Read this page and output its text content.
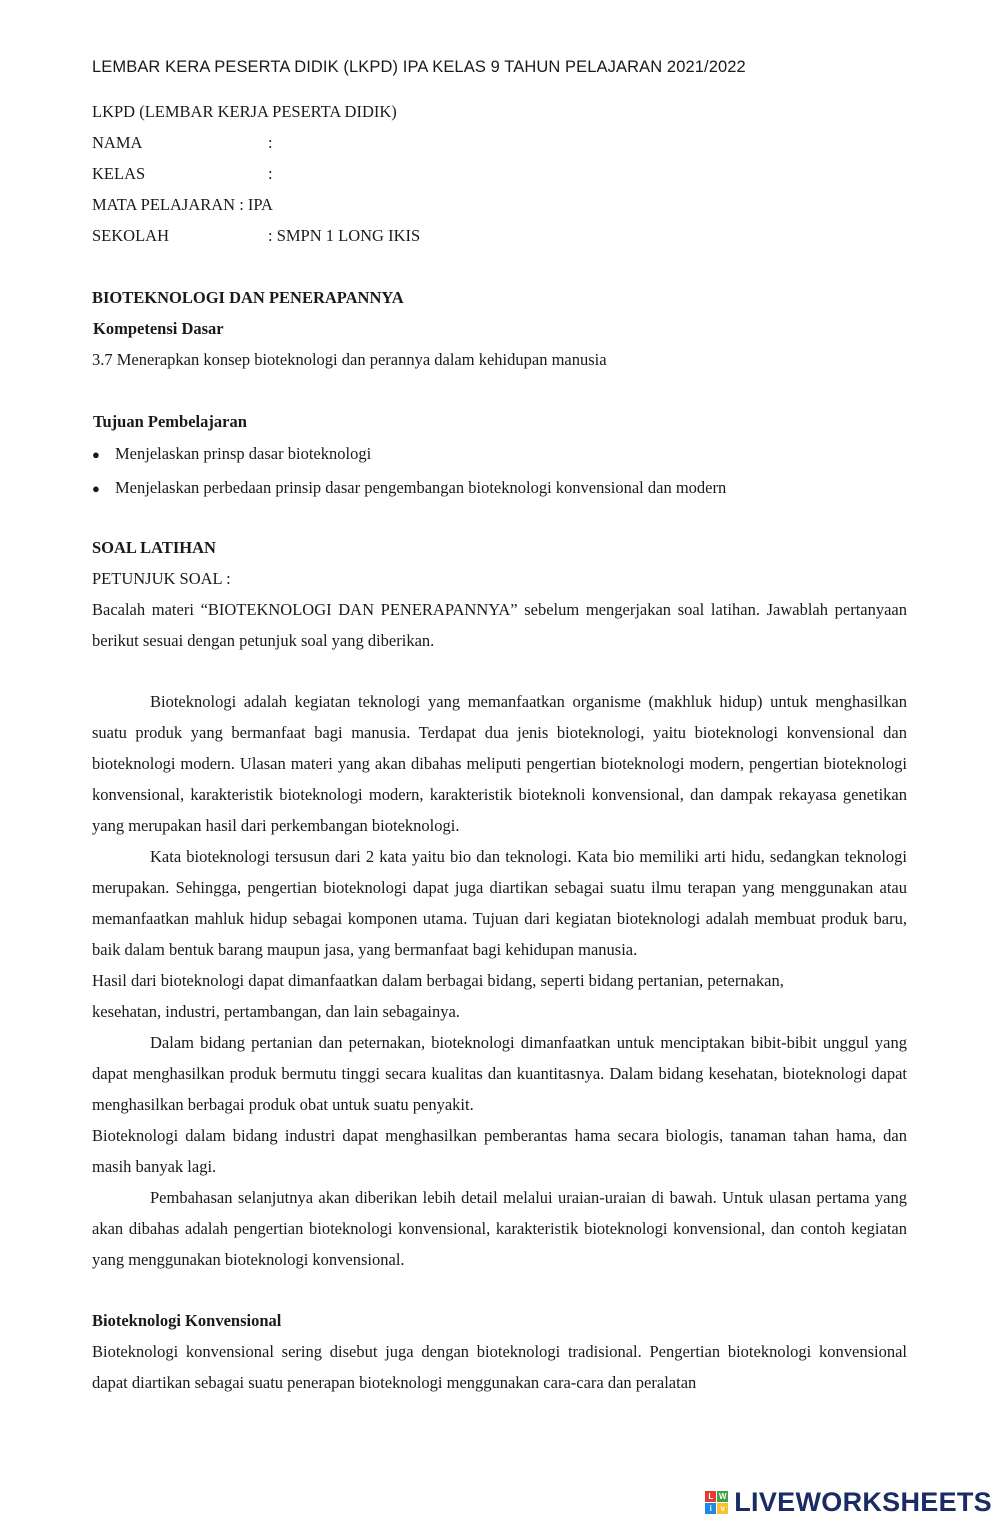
LEMBAR KERA PESERTA DIDIK (LKPD) IPA KELAS 9 TAHUN PELAJARAN 2021/2022
LKPD (LEMBAR KERJA PESERTA DIDIK)
NAMA	:
KELAS	:
MATA PELAJARAN : IPA
SEKOLAH	: SMPN 1 LONG IKIS
BIOTEKNOLOGI DAN PENERAPANNYA
Kompetensi Dasar
3.7 Menerapkan konsep bioteknologi dan perannya dalam kehidupan manusia
Tujuan Pembelajaran
● Menjelaskan prinsp dasar bioteknologi
● Menjelaskan perbedaan prinsip dasar pengembangan bioteknologi konvensional dan modern
SOAL LATIHAN
PETUNJUK SOAL :

Bacalah materi “BIOTEKNOLOGI DAN PENERAPANNYA” sebelum mengerjakan soal latihan. Jawablah pertanyaan berikut sesuai dengan petunjuk soal yang diberikan.

Bioteknologi adalah kegiatan teknologi yang memanfaatkan organisme (makhluk hidup) untuk menghasilkan suatu produk yang bermanfaat bagi manusia. Terdapat dua jenis bioteknologi, yaitu bioteknologi konvensional dan bioteknologi modern. Ulasan materi yang akan dibahas meliputi pengertian bioteknologi modern, pengertian bioteknologi konvensional, karakteristik bioteknologi modern, karakteristik bioteknoli konvensional, dan dampak rekayasa genetikan yang merupakan hasil dari perkembangan bioteknologi.

Kata bioteknologi tersusun dari 2 kata yaitu bio dan teknologi. Kata bio memiliki arti hidu, sedangkan teknologi merupakan. Sehingga, pengertian bioteknologi dapat juga diartikan sebagai suatu ilmu terapan yang menggunakan atau memanfaatkan mahluk hidup sebagai komponen utama. Tujuan dari kegiatan bioteknologi adalah membuat produk baru, baik dalam bentuk barang maupun jasa, yang bermanfaat bagi kehidupan manusia.

Hasil dari bioteknologi dapat dimanfaatkan dalam berbagai bidang, seperti bidang pertanian, peternakan,

kesehatan, industri, pertambangan, dan lain sebagainya.

Dalam bidang pertanian dan peternakan, bioteknologi dimanfaatkan untuk menciptakan bibit-bibit unggul yang dapat menghasilkan produk bermutu tinggi secara kualitas dan kuantitasnya. Dalam bidang kesehatan, bioteknologi dapat menghasilkan berbagai produk obat untuk suatu penyakit.

Bioteknologi dalam bidang industri dapat menghasilkan pemberantas hama secara biologis, tanaman tahan hama, dan masih banyak lagi.

Pembahasan selanjutnya akan diberikan lebih detail melalui uraian-uraian di bawah. Untuk ulasan pertama yang akan dibahas adalah pengertian bioteknologi konvensional, karakteristik bioteknologi konvensional, dan contoh kegiatan yang menggunakan bioteknologi konvensional.

Bioteknologi Konvensional

Bioteknologi konvensional sering disebut juga dengan bioteknologi tradisional. Pengertian bioteknologi konvensional dapat diartikan sebagai suatu penerapan bioteknologi menggunakan cara-cara dan peralatan

L W
i	v LIVEWORKSHEETS
